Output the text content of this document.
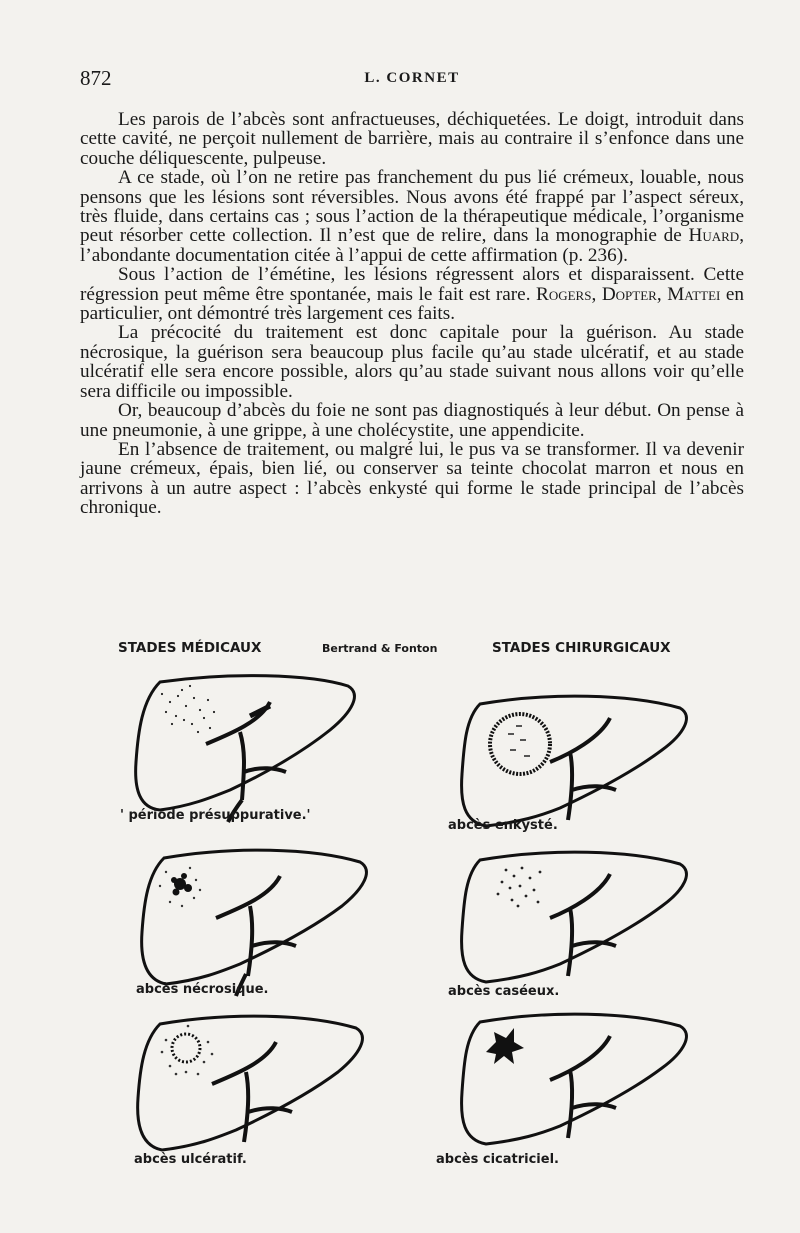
872	L. CORNET

Les parois de l’abcès sont anfractueuses, déchiquetées. Le doigt, introduit dans cette cavité, ne perçoit nullement de barrière, mais au contraire il s’enfonce dans une couche déliquescente, pulpeuse.

A ce stade, où l’on ne retire pas franchement du pus lié crémeux, louable, nous pensons que les lésions sont réversibles. Nous avons été frappé par l’aspect séreux, très fluide, dans certains cas ; sous l’action de la thérapeutique médicale, l’organisme peut résorber cette collection. Il n’est que de relire, dans la monographie de Huard, l’abondante documentation citée à l’appui de cette affirmation (p. 236).

Sous l’action de l’émétine, les lésions régressent alors et disparaissent. Cette régression peut même être spontanée, mais le fait est rare. Rogers, Dopter, Mattei en particulier, ont démontré très largement ces faits.

La précocité du traitement est donc capitale pour la guérison. Au stade nécrosique, la guérison sera beaucoup plus facile qu’au stade ulcératif, et au stade ulcératif elle sera encore possible, alors qu’au stade suivant nous allons voir qu’elle sera difficile ou impossible.

Or, beaucoup d’abcès du foie ne sont pas diagnostiqués à leur début. On pense à une pneumonie, à une grippe, à une cholécystite, une appendicite.

En l’absence de traitement, ou malgré lui, le pus va se transformer. Il va devenir jaune crémeux, épais, bien lié, ou conserver sa teinte chocolat marron et nous en arrivons à un autre aspect : l’abcès enkysté qui forme le stade principal de l’abcès chronique.

STADES MÉDICAUX	Bertrand & Fonton	STADES CHIRURGICAUX
' période présuppurative.'
abcès enkysté.
abcès nécrosique.	abcès caséeux.
abcès ulcératif.	abcès cicatriciel.
